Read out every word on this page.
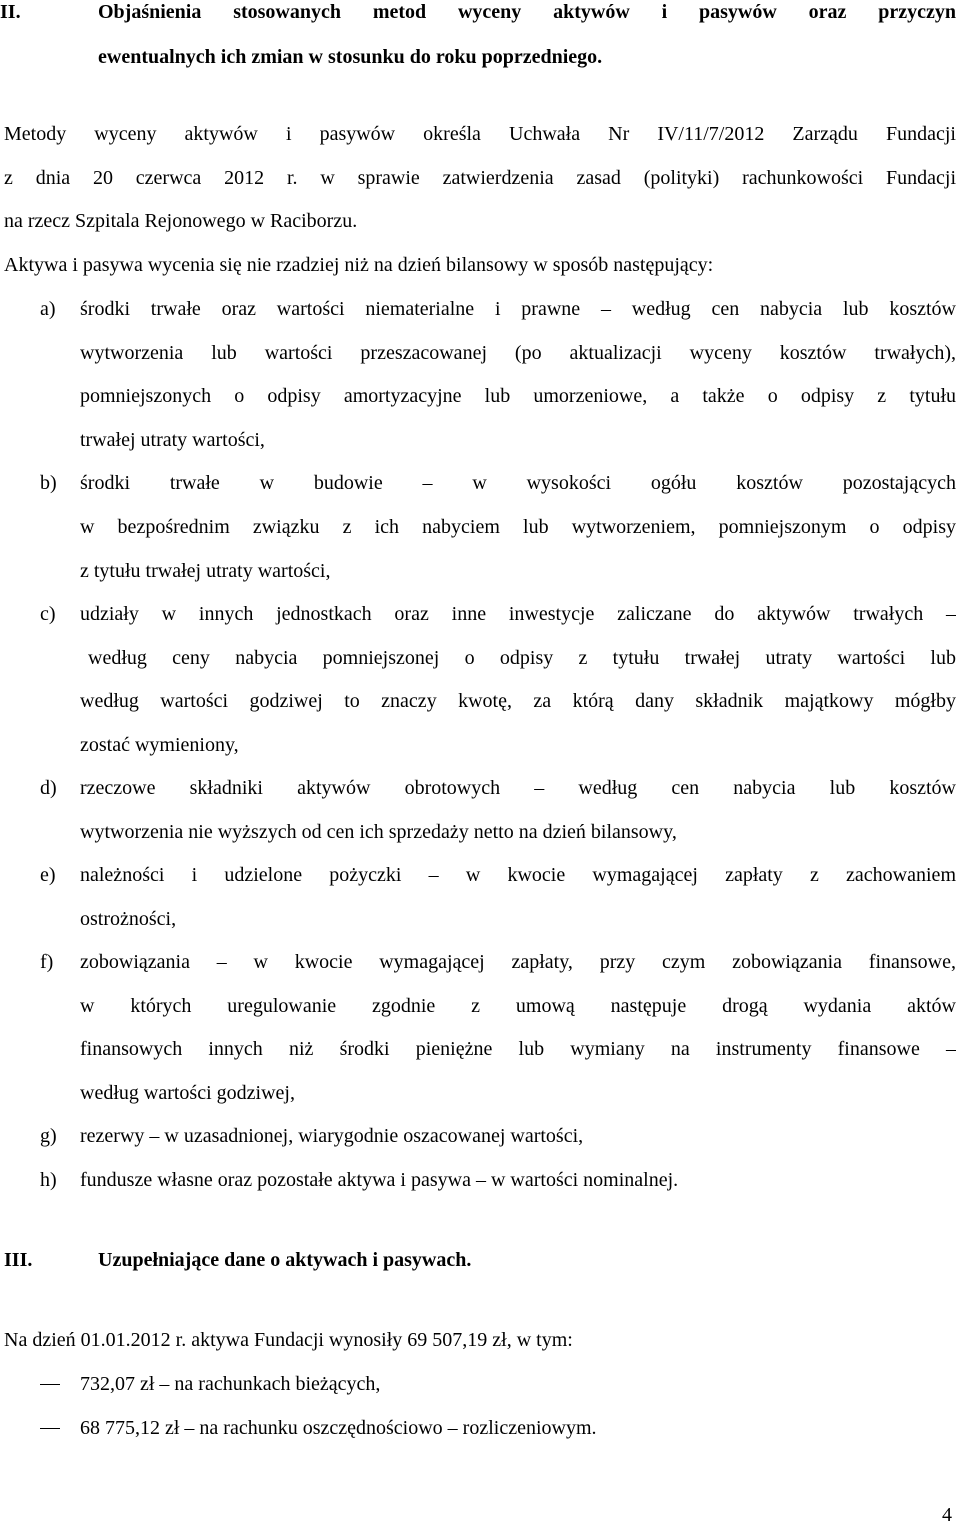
II.	Objaśnienia stosowanych metod wyceny aktywów i pasywów oraz przyczyn
ewentualnych ich zmian w stosunku do roku poprzedniego.
Metody wyceny aktywów i pasywów określa Uchwała Nr IV/11/7/2012 Zarządu Fundacji
z dnia 20 czerwca 2012 r. w sprawie zatwierdzenia zasad (polityki) rachunkowości Fundacji
na rzecz Szpitala Rejonowego w Raciborzu.
Aktywa i pasywa wycenia się nie rzadziej niż na dzień bilansowy w sposób następujący:
a) środki trwałe oraz wartości niematerialne i prawne – według cen nabycia lub kosztów
wytworzenia lub wartości przeszacowanej (po aktualizacji wyceny kosztów trwałych),
pomniejszonych o odpisy amortyzacyjne lub umorzeniowe, a także o odpisy z tytułu
trwałej utraty wartości,
b) środki trwałe w budowie – w wysokości ogółu kosztów pozostających
w bezpośrednim związku z ich nabyciem lub wytworzeniem, pomniejszonym o odpisy
z tytułu trwałej utraty wartości,
c) udziały w innych jednostkach oraz inne inwestycje zaliczane do aktywów trwałych –
według ceny nabycia pomniejszonej o odpisy z tytułu trwałej utraty wartości lub
według wartości godziwej to znaczy kwotę, za którą dany składnik majątkowy mógłby
zostać wymieniony,
d) rzeczowe składniki aktywów obrotowych – według cen nabycia lub kosztów
wytworzenia nie wyższych od cen ich sprzedaży netto na dzień bilansowy,
e) należności i udzielone pożyczki – w kwocie wymagającej zapłaty z zachowaniem
ostrożności,
f) zobowiązania – w kwocie wymagającej zapłaty, przy czym zobowiązania finansowe,
w których uregulowanie zgodnie z umową następuje drogą wydania aktów
finansowych innych niż środki pieniężne lub wymiany na instrumenty finansowe –
według wartości godziwej,
g) rezerwy – w uzasadnionej, wiarygodnie oszacowanej wartości,
h) fundusze własne oraz pozostałe aktywa i pasywa – w wartości nominalnej.
III.	Uzupełniające dane o aktywach i pasywach.
Na dzień 01.01.2012 r. aktywa Fundacji wynosiły 69 507,19 zł, w tym:
732,07 zł – na rachunkach bieżących,
68 775,12 zł – na rachunku oszczędnościowo – rozliczeniowym.
4
